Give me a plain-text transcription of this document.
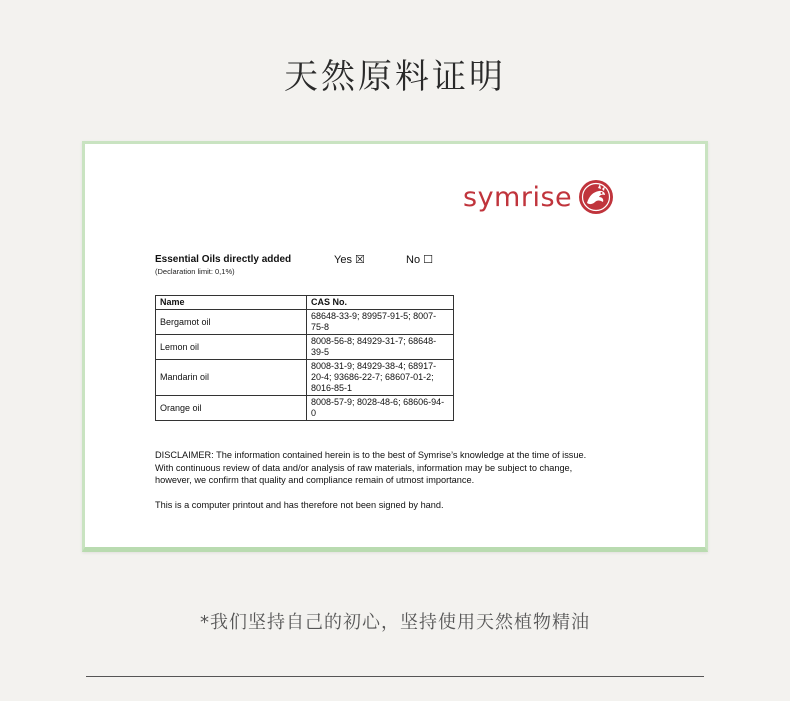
天然原料证明
symrise
Essential Oils directly added
(Declaration limit: 0,1%)
Yes ☒	No ☐
Name	CAS No.
Bergamot oil	68648-33-9; 89957-91-5; 8007-75-8
Lemon oil	8008-56-8; 84929-31-7; 68648-39-5
Mandarin oil	8008-31-9; 84929-38-4; 68917-20-4; 93686-22-7; 68607-01-2; 8016-85-1
Orange oil	8008-57-9; 8028-48-6; 68606-94-0

DISCLAIMER: The information contained herein is to the best of Symrise’s knowledge at the time of issue. With continuous review of data and/or analysis of raw materials, information may be subject to change, however, we confirm that quality and compliance remain of utmost importance.

This is a computer printout and has therefore not been signed by hand.

*我们坚持自己的初心，坚持使用天然植物精油
